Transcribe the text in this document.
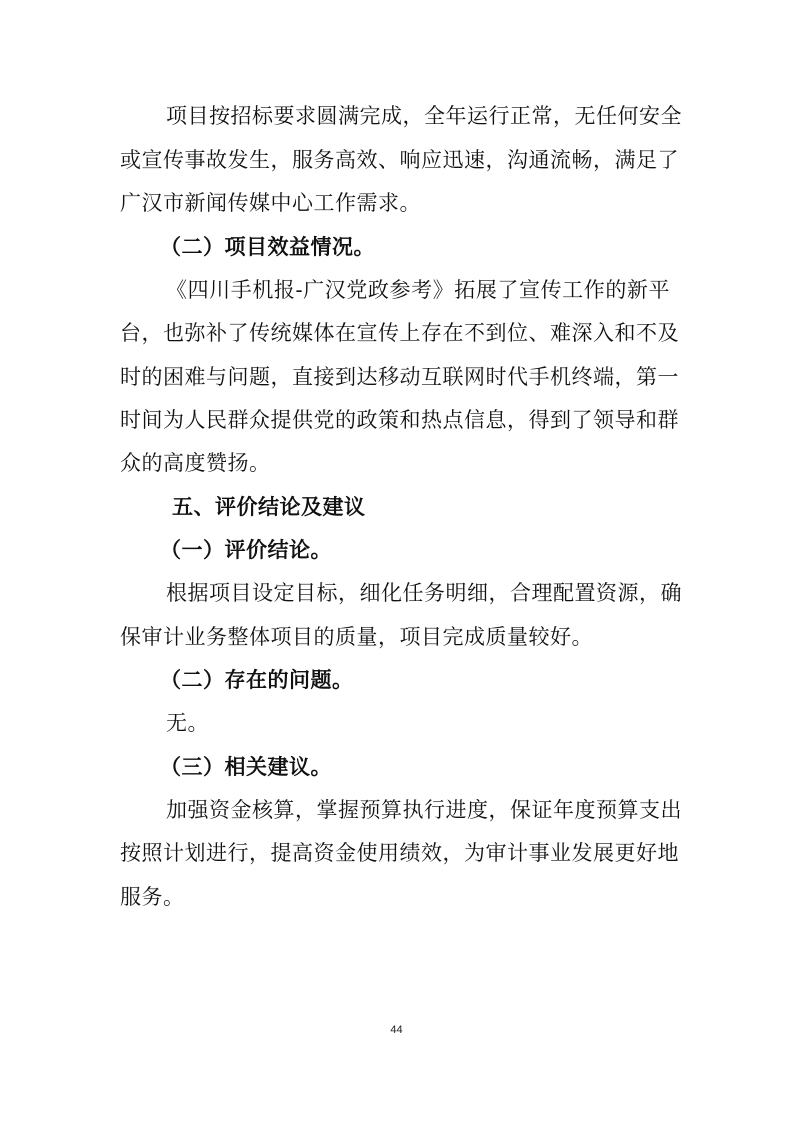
项目按招标要求圆满完成，全年运行正常，无任何安全
或宣传事故发生，服务高效、响应迅速，沟通流畅，满足了
广汉市新闻传媒中心工作需求。
（二）项目效益情况。
《四川手机报-广汉党政参考》拓展了宣传工作的新平
台，也弥补了传统媒体在宣传上存在不到位、难深入和不及
时的困难与问题，直接到达移动互联网时代手机终端，第一
时间为人民群众提供党的政策和热点信息，得到了领导和群
众的高度赞扬。
五、评价结论及建议
（一）评价结论。
根据项目设定目标，细化任务明细，合理配置资源，确
保审计业务整体项目的质量，项目完成质量较好。
（二）存在的问题。
无。
（三）相关建议。
加强资金核算，掌握预算执行进度，保证年度预算支出
按照计划进行，提高资金使用绩效，为审计事业发展更好地
服务。
44
